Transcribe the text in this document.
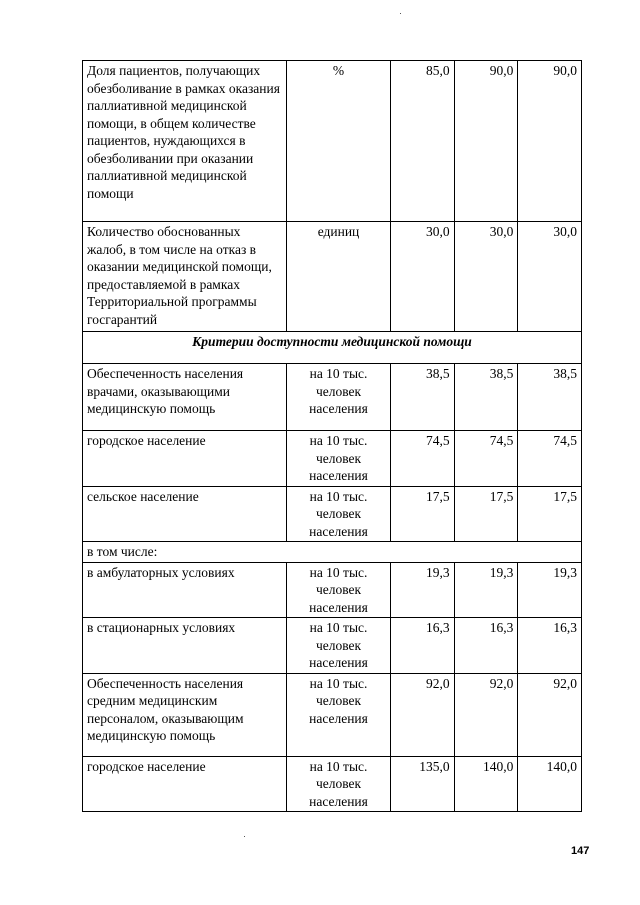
Доля пациентов, получающих обезболивание в рамках оказания паллиативной медицинской помощи, в общем количестве пациентов, нуждающихся в обезболивании при оказании паллиативной медицинской помощи	%	85,0	90,0	90,0
Количество обоснованных жалоб, в том числе на отказ в оказании медицинской помощи, предоставляемой в рамках Территориальной программы госгарантий	единиц	30,0	30,0	30,0
Критерии доступности медицинской помощи				
Обеспеченность населения врачами, оказывающими медицинскую помощь	на 10 тыс. человек населения	38,5	38,5	38,5
городское население	на 10 тыс. человек населения	74,5	74,5	74,5
сельское население	на 10 тыс. человек населения	17,5	17,5	17,5
в том числе:				
в амбулаторных условиях	на 10 тыс. человек населения	19,3	19,3	19,3
в стационарных условиях	на 10 тыс. человек населения	16,3	16,3	16,3
Обеспеченность населения средним медицинским персоналом, оказывающим медицинскую помощь	на 10 тыс. человек населения	92,0	92,0	92,0
городское население	на 10 тыс. человек населения	135,0	140,0	140,0
147
